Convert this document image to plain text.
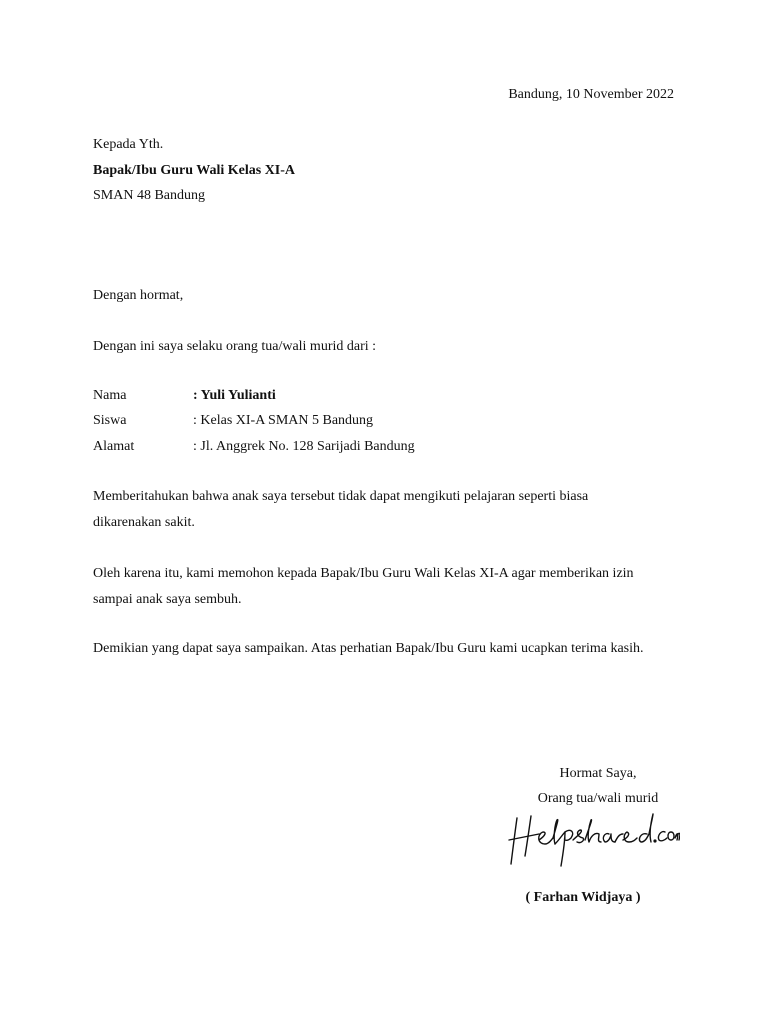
Bandung, 10 November 2022
Kepada Yth.
Bapak/Ibu Guru Wali Kelas XI-A
SMAN 48 Bandung
Dengan hormat,
Dengan ini saya selaku orang tua/wali murid dari :
Nama	: Yuli Yulianti
Siswa	: Kelas XI-A SMAN 5 Bandung
Alamat	: Jl. Anggrek No. 128 Sarijadi Bandung
Memberitahukan bahwa anak saya tersebut tidak dapat mengikuti pelajaran seperti biasa dikarenakan sakit.
Oleh karena itu, kami memohon kepada Bapak/Ibu Guru Wali Kelas XI-A agar memberikan izin sampai anak saya sembuh.
Demikian yang dapat saya sampaikan. Atas perhatian Bapak/Ibu Guru kami ucapkan terima kasih.
Hormat Saya,
Orang tua/wali murid
( Farhan Widjaya )
